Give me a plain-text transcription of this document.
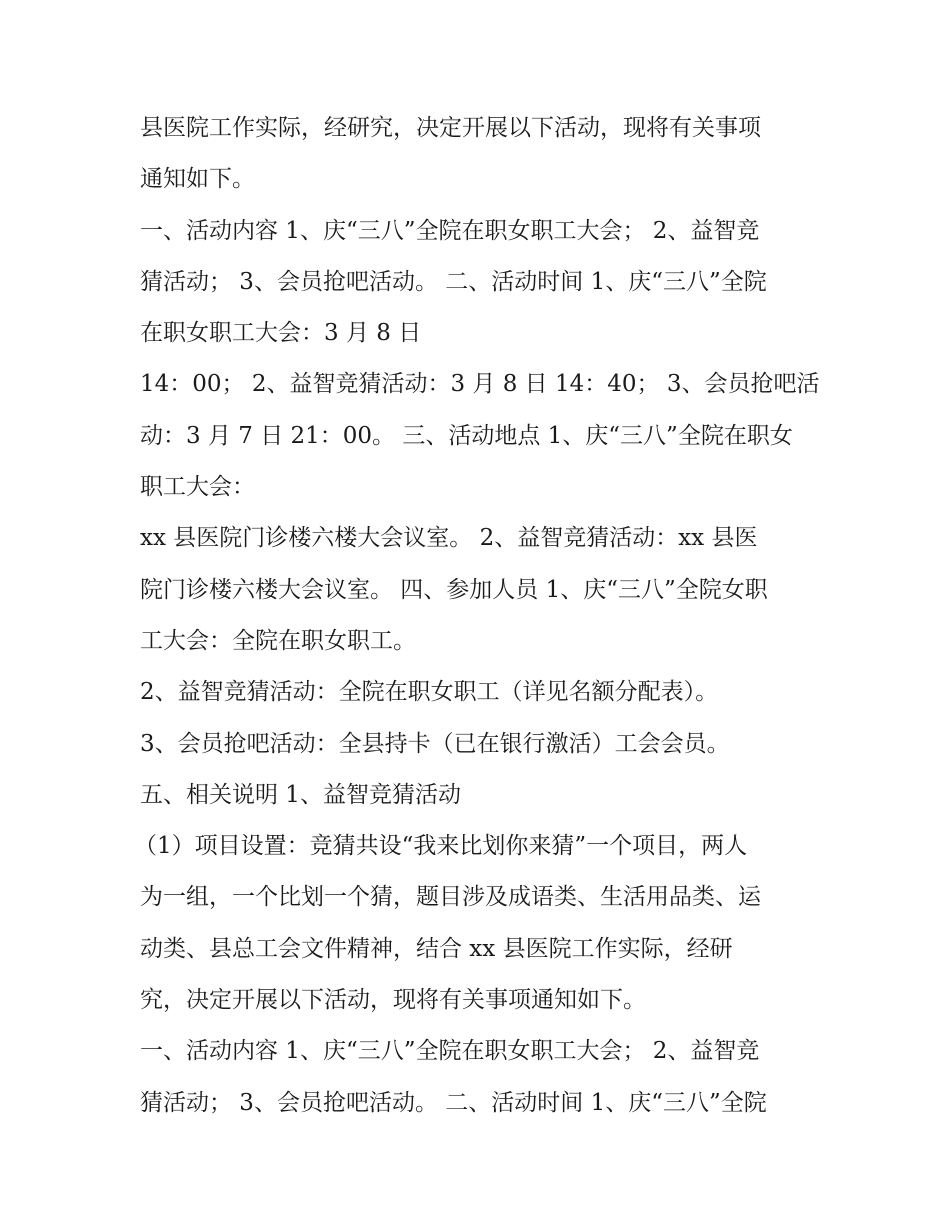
县医院工作实际，经研究，决定开展以下活动，现将有关事项
通知如下。
一、活动内容 1、庆“三八”全院在职女职工大会； 2、益智竞
猜活动； 3、会员抢吧活动。 二、活动时间 1、庆“三八”全院
在职女职工大会：3 月 8 日
14：00； 2、益智竞猜活动：3 月 8 日 14：40； 3、会员抢吧活
动：3 月 7 日 21：00。 三、活动地点 1、庆“三八”全院在职女
职工大会：
xx 县医院门诊楼六楼大会议室。 2、益智竞猜活动：xx 县医
院门诊楼六楼大会议室。 四、参加人员 1、庆“三八”全院女职
工大会：全院在职女职工。
2、益智竞猜活动：全院在职女职工（详见名额分配表）。
3、会员抢吧活动：全县持卡（已在银行激活）工会会员。
五、相关说明 1、益智竞猜活动
（1）项目设置：竞猜共设“我来比划你来猜”一个项目，两人
为一组，一个比划一个猜，题目涉及成语类、生活用品类、运
动类、县总工会文件精神，结合 xx 县医院工作实际，经研
究，决定开展以下活动，现将有关事项通知如下。
一、活动内容 1、庆“三八”全院在职女职工大会； 2、益智竞
猜活动； 3、会员抢吧活动。 二、活动时间 1、庆“三八”全院
